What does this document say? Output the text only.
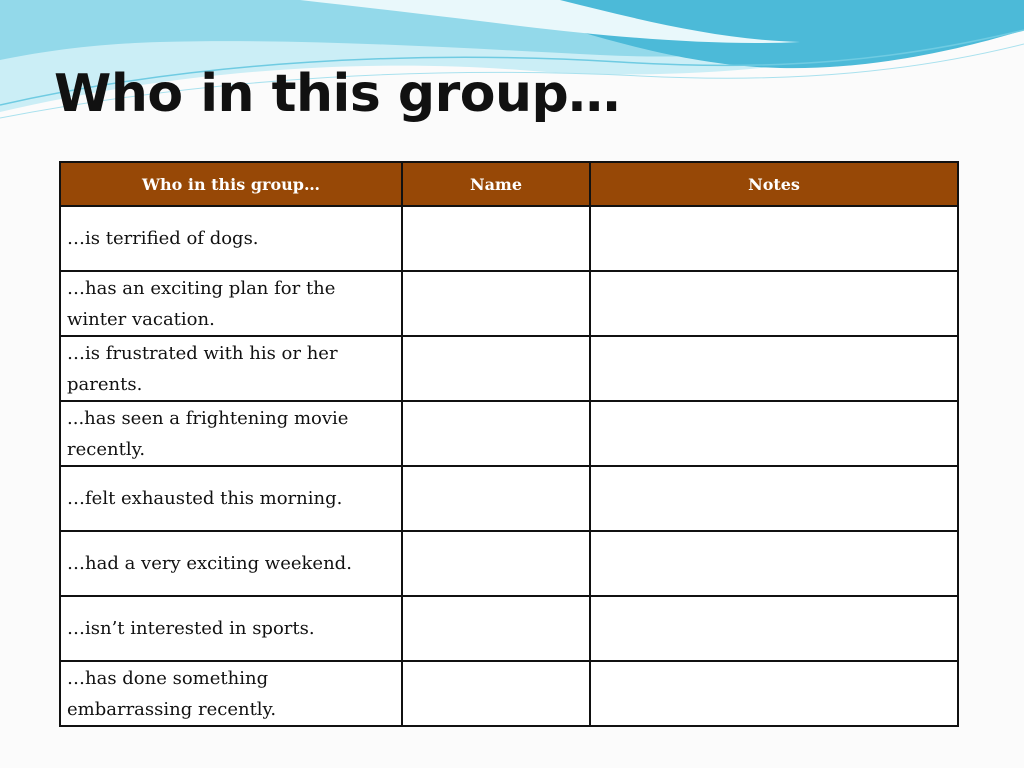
Who in this group…
Who in this group…	Name	Notes
…is terrified of dogs.		
…has an exciting plan for the winter vacation.		
…is frustrated with his or her parents.		
...has seen a frightening movie recently.		
…felt exhausted this morning.		
…had a very exciting weekend.		
…isn’t interested in sports.		
…has done something embarrassing recently.		
